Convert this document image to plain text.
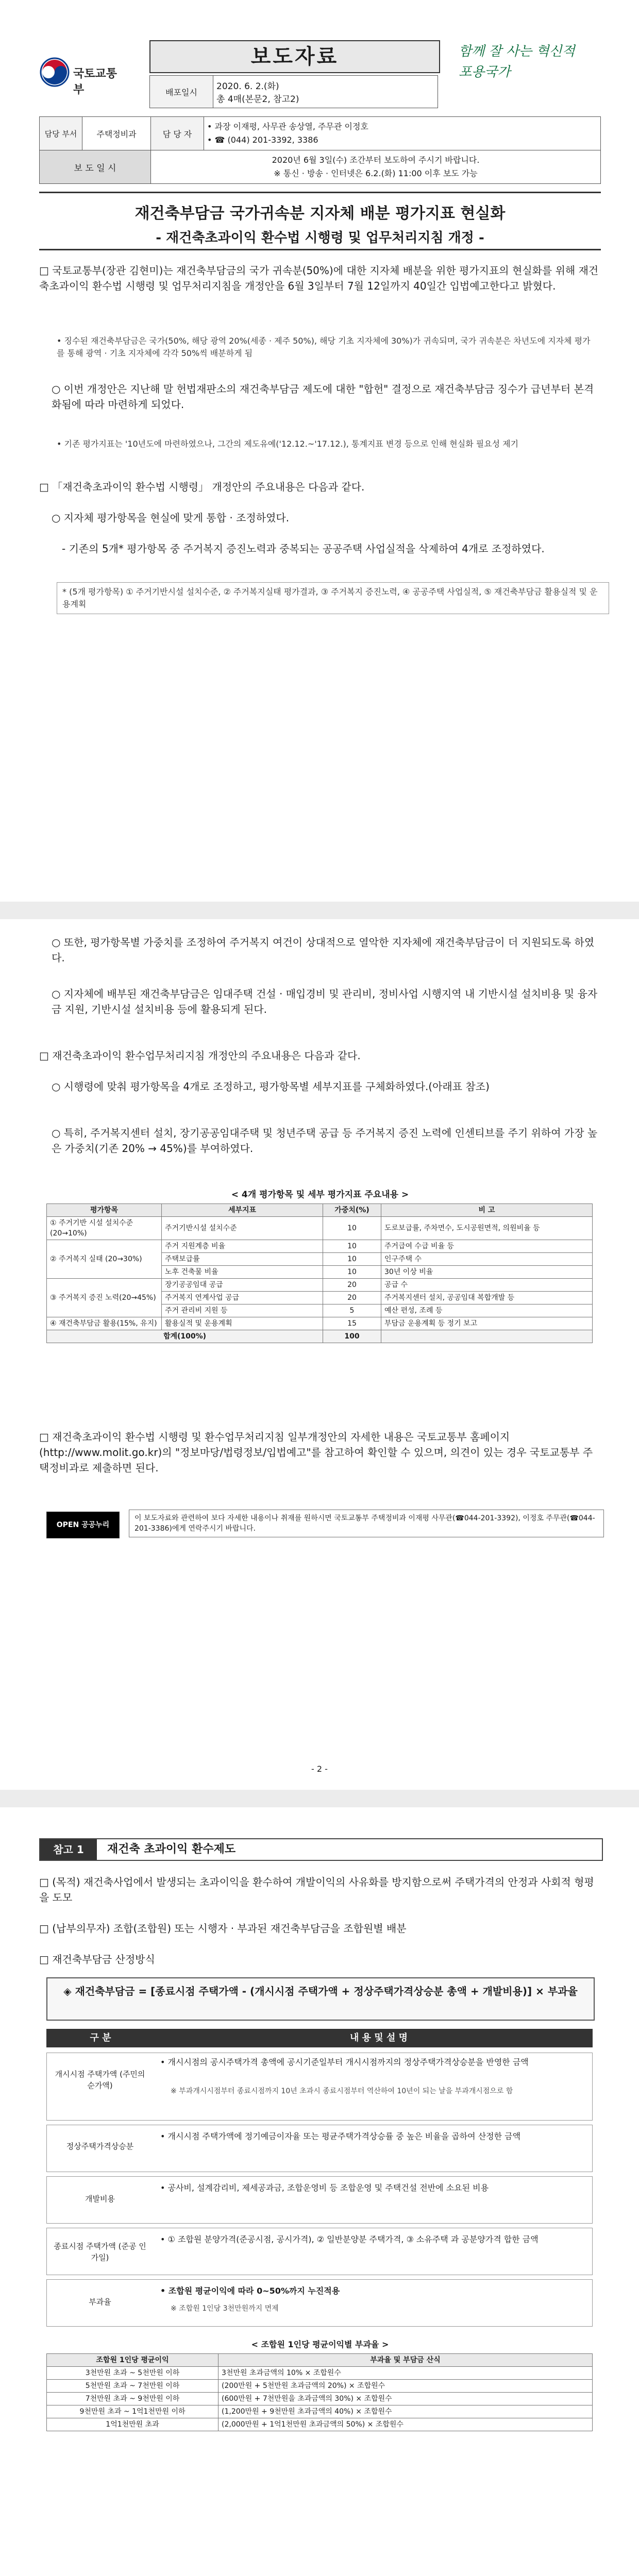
국토교통부
보도자료	함께 잘 사는 혁신적 포용국가
배포일시	
2020. 6. 2.(화)
총 4매(본문2, 참고2)
담당 부서	주택정비과	담 당 자	• 과장 이재평, 사무관 송상열, 주무관 이정호
• ☎ (044) 201-3392, 3386

보 도 일 시		2020년 6월 3일(수) 조간부터 보도하여 주시기 바랍니다.
※ 통신 · 방송 · 인터넷은 6.2.(화) 11:00 이후 보도 가능	
재건축부담금 국가귀속분 지자체 배분 평가지표 현실화
- 재건축초과이익 환수법 시행령 및 업무처리지침 개정 -
□ 국토교통부(장관 김현미)는 재건축부담금의 국가 귀속분(50%)에 대한 지자체 배분을 위한 평가지표의 현실화를 위해 재건축초과이익 환수법 시행령 및 업무처리지침을 개정안을 6월 3일부터 7월 12일까지 40일간 입법예고한다고 밝혔다.
• 징수된 재건축부담금은 국가(50%, 해당 광역 20%(세종 · 제주 50%), 해당 기초 지자체에 30%)가 귀속되며, 국가 귀속분은 차년도에 지자체 평가를 통해 광역 · 기초 지자체에 각각 50%씩 배분하게 됨
○ 이번 개정안은 지난해 말 헌법재판소의 재건축부담금 제도에 대한 "합헌" 결정으로 재건축부담금 징수가 급년부터 본격화됨에 따라 마련하게 되었다.
• 기존 평가지표는 '10년도에 마련하였으나, 그간의 제도유예('12.12.~'17.12.), 통계지표 변경 등으로 인해 현실화 필요성 제기
□ 「재건축초과이익 환수법 시행령」 개정안의 주요내용은 다음과 같다.
○ 지자체 평가항목을 현실에 맞게 통합 · 조정하였다.
- 기존의 5개* 평가항목 중 주거복지 증진노력과 중복되는 공공주택 사업실적을 삭제하여 4개로 조정하였다.
* (5개 평가항목) ① 주거기반시설 설치수준, ② 주거복지실태 평가결과, ③ 주거복지 증진노력, ④ 공공주택 사업실적, ⑤ 재건축부담금 활용실적 및 운용계획
○ 또한, 평가항목별 가중치를 조정하여 주거복지 여건이 상대적으로 열악한 지자체에 재건축부담금이 더 지원되도록 하였다.
○ 지자체에 배부된 재건축부담금은 임대주택 건설 · 매입경비 및 관리비, 정비사업 시행지역 내 기반시설 설치비용 및 융자금 지원, 기반시설 설치비용 등에 활용되게 된다.
□ 재건축초과이익 환수업무처리지침 개정안의 주요내용은 다음과 같다.
○ 시행령에 맞춰 평가항목을 4개로 조정하고, 평가항목별 세부지표를 구체화하였다.(아래표 참조)
○ 특히, 주거복지센터 설치, 장기공공임대주택 및 청년주택 공급 등 주거복지 증진 노력에 인센티브를 주기 위하여 가장 높은 가중치(기존 20% → 45%)를 부여하였다.
< 4개 평가항목 및 세부 평가지표 주요내용 >
평가항목	세부지표	가중치(%)	비 고
① 주거기반 시설 설치수준 (20→10%)	주거기반시설 설치수준	10	도로보급률, 주차면수, 도시공원면적, 의원비율 등
② 주거복지 실태 (20→30%)	주거 지원계층 비율	10	주거급여 수급 비율 등
	주택보급률	10	인구주택 수
	노후 건축물 비율	10	30년 이상 비율
③ 주거복지 증진 노력(20→45%)	장기공공임대 공급	20	공급 수
	주거복지 연계사업 공급	20	주거복지센터 설치, 공공임대 복합개발 등
	주거 관리비 지원 등	5	예산 편성, 조례 등
④ 재건축부담금 활용(15%, 유지)	활용실적 및 운용계획	15	부담금 운용계획 등 정기 보고
합계(100%)		100	
□ 재건축초과이익 환수법 시행령 및 환수업무처리지침 일부개정안의 자세한 내용은 국토교통부 홈페이지(http://www.molit.go.kr)의 "정보마당/법령정보/입법예고"를 참고하여 확인할 수 있으며, 의견이 있는 경우 국토교통부 주택정비과로 제출하면 된다.
OPEN 공공누리
이 보도자료와 관련하여 보다 자세한 내용이나 취재를 원하시면 국토교통부 주택정비과 이재평 사무관(☎044-201-3392), 이정호 주무관(☎044-201-3386)에게 연락주시기 바랍니다.
- 2 -
참고 1	재건축 초과이익 환수제도
□ (목적) 재건축사업에서 발생되는 초과이익을 환수하여 개발이익의 사유화를 방지함으로써 주택가격의 안정과 사회적 형평을 도모
□ (납부의무자) 조합(조합원) 또는 시행자 · 부과된 재건축부담금을 조합원별 배분
□ 재건축부담금 산정방식
◈ 재건축부담금 = [종료시점 주택가액 - (개시시점 주택가액 + 정상주택가격상승분 총액 + 개발비용)] × 부과율
구 분	내 용 및 설 명
개시시점 주택가액 (주민의 순가액)
• 개시시점의 공시주택가격 총액에 공시기준일부터 개시시점까지의 정상주택가격상승분을 반영한 금액
※ 부과개시시점부터 종료시점까지 10년 초과시 종료시점부터 역산하여 10년이 되는 날을 부과개시점으로 함
정상주택가격상승분
• 개시시점 주택가액에 정기예금이자율 또는 평균주택가격상승률 중 높은 비율을 곱하여 산정한 금액
개발비용
• 공사비, 설계감리비, 제세공과금, 조합운영비 등 조합운영 및 주택건설 전반에 소요된 비용
종료시점 주택가액 (준공 인가일)
• ① 조합원 분양가격(준공시점, 공시가격), ② 일반분양분 주택가격, ③ 소유주택 과 공분양가격 합한 금액
부과율
• 조합원 평균이익에 따라 0~50%까지 누진적용
※ 조합원 1인당 3천만원까지 면제
< 조합원 1인당 평균이익별 부과율 >
조합원 1인당 평균이익	부과율 및 부담금 산식
3천만원 초과 ~ 5천만원 이하	3천만원 초과금액의 10% × 조합원수
5천만원 초과 ~ 7천만원 이하	(200만원 + 5천만원 초과금액의 20%) × 조합원수
7천만원 초과 ~ 9천만원 이하	(600만원 + 7천만원을 초과금액의 30%) × 조합원수
9천만원 초과 ~ 1억1천만원 이하	(1,200만원 + 9천만원 초과금액의 40%) × 조합원수
1억1천만원 초과	(2,000만원 + 1억1천만원 초과금액의 50%) × 조합원수
